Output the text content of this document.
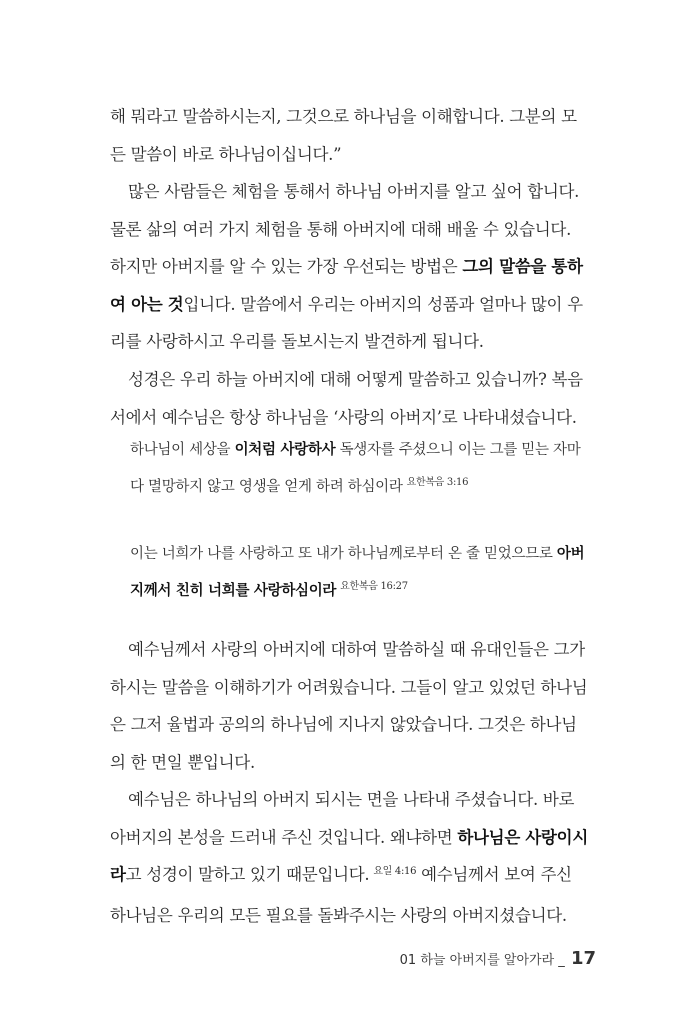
해 뭐라고 말씀하시는지, 그것으로 하나님을 이해합니다. 그분의 모든 말씀이 바로 하나님이십니다.”

많은 사람들은 체험을 통해서 하나님 아버지를 알고 싶어 합니다. 물론 삶의 여러 가지 체험을 통해 아버지에 대해 배울 수 있습니다. 하지만 아버지를 알 수 있는 가장 우선되는 방법은 그의 말씀을 통하여 아는 것입니다. 말씀에서 우리는 아버지의 성품과 얼마나 많이 우리를 사랑하시고 우리를 돌보시는지 발견하게 됩니다.

성경은 우리 하늘 아버지에 대해 어떻게 말씀하고 있습니까? 복음서에서 예수님은 항상 하나님을 ‘사랑의 아버지’로 나타내셨습니다.

하나님이 세상을 이처럼 사랑하사 독생자를 주셨으니 이는 그를 믿는 자마다 멸망하지 않고 영생을 얻게 하려 하심이라 $^{요한복음 3:16}$

이는 너희가 나를 사랑하고 또 내가 하나님께로부터 온 줄 믿었으므로 아버지께서 친히 너희를 사랑하심이라 $^{요한복음 16:27}$

예수님께서 사랑의 아버지에 대하여 말씀하실 때 유대인들은 그가 하시는 말씀을 이해하기가 어려웠습니다. 그들이 알고 있었던 하나님은 그저 율법과 공의의 하나님에 지나지 않았습니다. 그것은 하나님의 한 면일 뿐입니다.

예수님은 하나님의 아버지 되시는 면을 나타내 주셨습니다. 바로 아버지의 본성을 드러내 주신 것입니다. 왜냐하면 하나님은 사랑이시라고 성경이 말하고 있기 때문입니다. $^{요일 4:16}$ 예수님께서 보여 주신 하나님은 우리의 모든 필요를 돌봐주시는 사랑의 아버지셨습니다.

01 하늘 아버지를 알아가라 _ 17
